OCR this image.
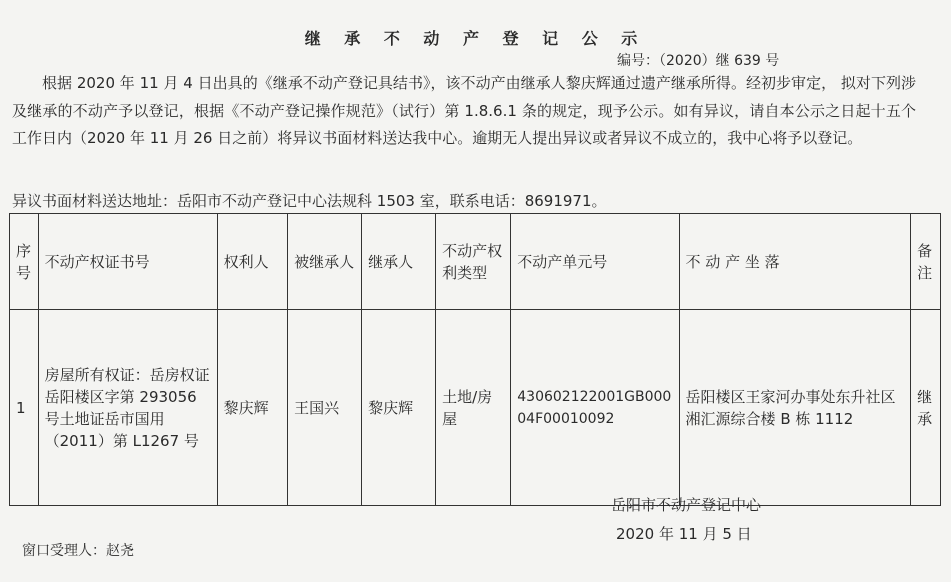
继 承 不 动 产 登 记 公 示
编号：（2020）继 639 号

根据 2020 年 11 月 4 日出具的《继承不动产登记具结书》，该不动产由继承人黎庆辉通过遗产继承所得。经初步审定， 拟对下列涉及继承的不动产予以登记，根据《不动产登记操作规范》（试行）第 1.8.6.1 条的规定，现予公示。如有异议，请自本公示之日起十五个工作日内（2020 年 11 月 26 日之前）将异议书面材料送达我中心。逾期无人提出异议或者异议不成立的，我中心将予以登记。

异议书面材料送达地址：岳阳市不动产登记中心法规科 1503 室，联系电话：8691971。
序号	不动产权证书号	权利人	被继承人	继承人	不动产权利类型	不动产单元号	不 动 产 坐 落	备注
1	房屋所有权证：岳房权证岳阳楼区字第 293056 号土地证岳市国用（2011）第 L1267 号	黎庆辉	王国兴	黎庆辉	土地/房屋	430602122001GB00004F00010092	岳阳楼区王家河办事处东升社区湘汇源综合楼 B 栋 1112	继承
岳阳市不动产登记中心
2020 年 11 月 5 日
窗口受理人：赵尧
